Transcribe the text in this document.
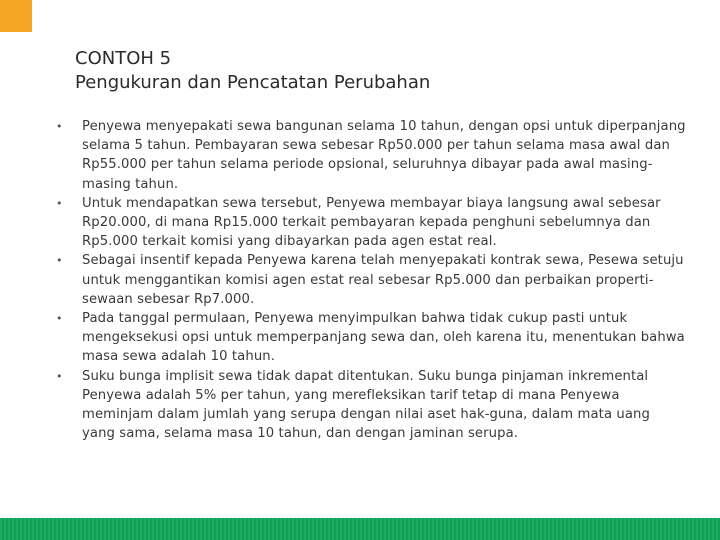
CONTOH 5
Pengukuran dan Pencatatan Perubahan
• Penyewa menyepakati sewa bangunan selama 10 tahun, dengan opsi untuk diperpanjang selama 5 tahun. Pembayaran sewa sebesar Rp50.000 per tahun selama masa awal dan Rp55.000 per tahun selama periode opsional, seluruhnya dibayar pada awal masing-masing tahun.
• Untuk mendapatkan sewa tersebut, Penyewa membayar biaya langsung awal sebesar Rp20.000, di mana Rp15.000 terkait pembayaran kepada penghuni sebelumnya dan Rp5.000 terkait komisi yang dibayarkan pada agen estat real.
• Sebagai insentif kepada Penyewa karena telah menyepakati kontrak sewa, Pesewa setuju untuk menggantikan komisi agen estat real sebesar Rp5.000 dan perbaikan properti-sewaan sebesar Rp7.000.
• Pada tanggal permulaan, Penyewa menyimpulkan bahwa tidak cukup pasti untuk mengeksekusi opsi untuk memperpanjang sewa dan, oleh karena itu, menentukan bahwa masa sewa adalah 10 tahun.
• Suku bunga implisit sewa tidak dapat ditentukan. Suku bunga pinjaman inkremental Penyewa adalah 5% per tahun, yang merefleksikan tarif tetap di mana Penyewa meminjam dalam jumlah yang serupa dengan nilai aset hak-guna, dalam mata uang yang sama, selama masa 10 tahun, dan dengan jaminan serupa.
